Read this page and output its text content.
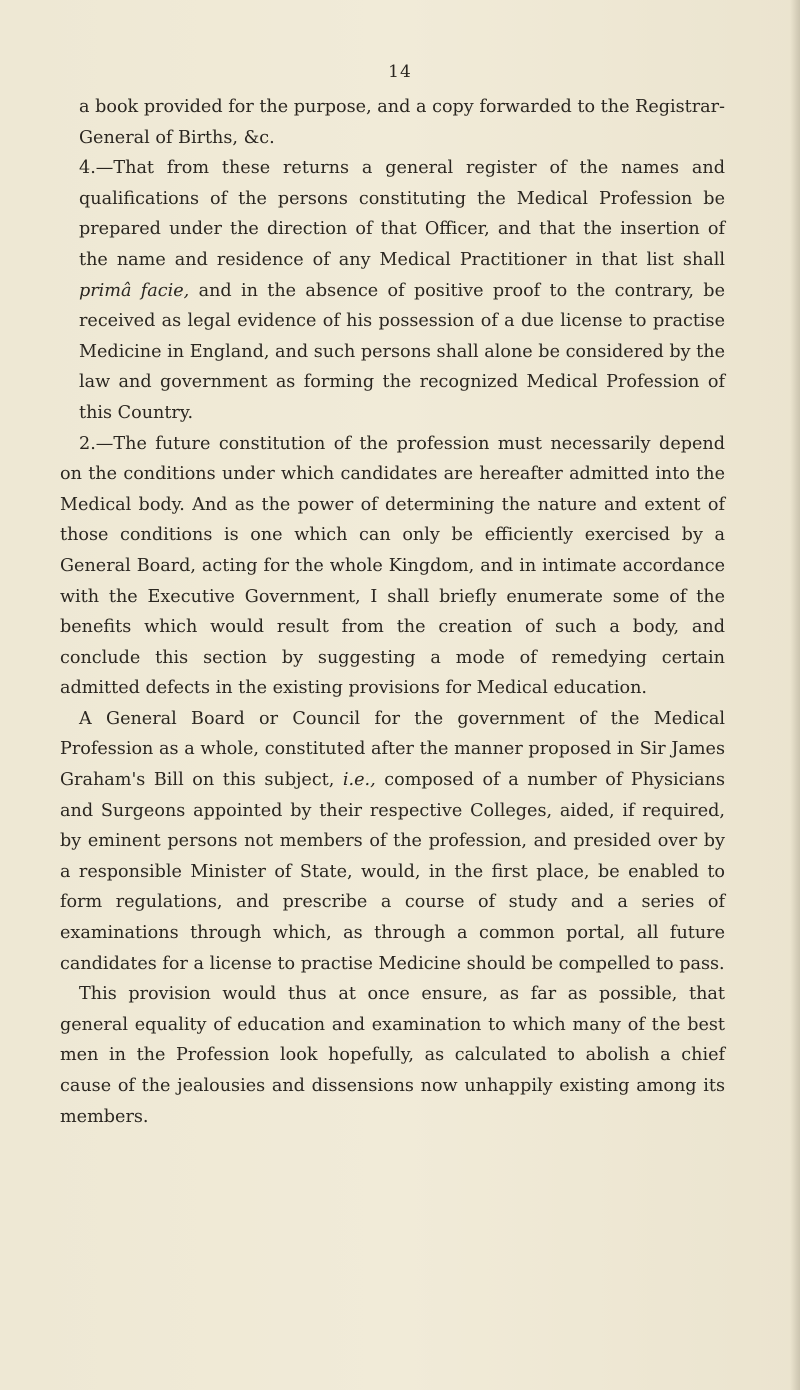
14

a book provided for the purpose, and a copy forwarded to the Registrar-General of Births, &c.

4.—That from these returns a general register of the names and qualifications of the persons constituting the Medical Profession be prepared under the direction of that Officer, and that the insertion of the name and residence of any Medical Practitioner in that list shall primâ facie, and in the absence of positive proof to the contrary, be received as legal evidence of his possession of a due license to practise Medicine in England, and such persons shall alone be considered by the law and government as forming the recognized Medical Profession of this Country.

2.—The future constitution of the profession must necessarily depend on the conditions under which candidates are hereafter admitted into the Medical body. And as the power of determining the nature and extent of those conditions is one which can only be efficiently exercised by a General Board, acting for the whole Kingdom, and in intimate accordance with the Executive Government, I shall briefly enumerate some of the benefits which would result from the creation of such a body, and conclude this section by suggesting a mode of remedying certain admitted defects in the existing provisions for Medical education.

A General Board or Council for the government of the Medical Profession as a whole, constituted after the manner proposed in Sir James Graham's Bill on this subject, i.e., composed of a number of Physicians and Surgeons appointed by their respective Colleges, aided, if required, by eminent persons not members of the profession, and presided over by a responsible Minister of State, would, in the first place, be enabled to form regulations, and prescribe a course of study and a series of examinations through which, as through a common portal, all future candidates for a license to practise Medicine should be compelled to pass.

This provision would thus at once ensure, as far as possible, that general equality of education and examination to which many of the best men in the Profession look hopefully, as calculated to abolish a chief cause of the jealousies and dissensions now unhappily existing among its members.
